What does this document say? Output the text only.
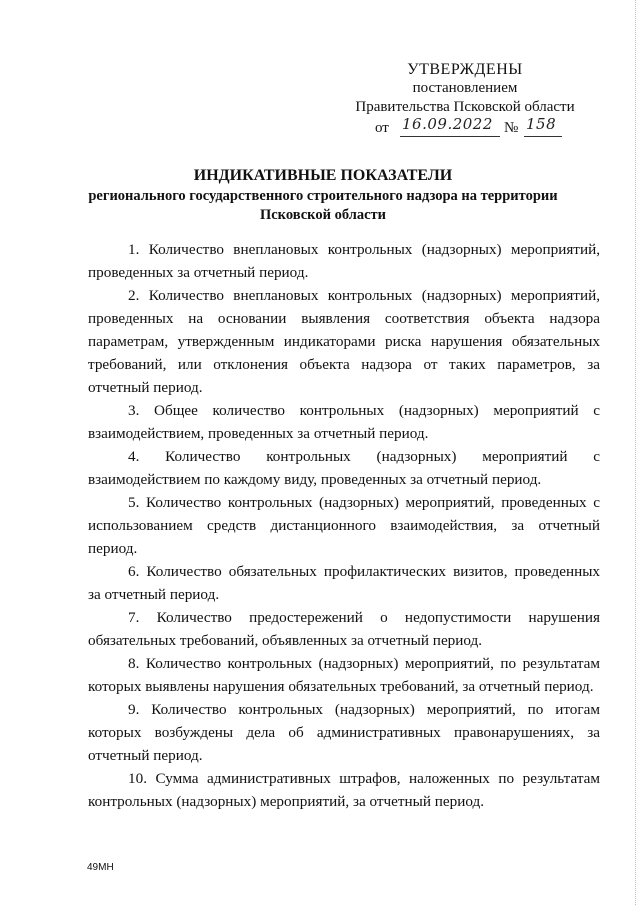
УТВЕРЖДЕНЫ
постановлением
Правительства Псковской области
от 16.09.2022 № 158
ИНДИКАТИВНЫЕ ПОКАЗАТЕЛИ
регионального государственного строительного надзора на территории
Псковской области

1. Количество внеплановых контрольных (надзорных) мероприятий, проведенных за отчетный период.

2. Количество внеплановых контрольных (надзорных) мероприятий, проведенных на основании выявления соответствия объекта надзора параметрам, утвержденным индикаторами риска нарушения обязательных требований, или отклонения объекта надзора от таких параметров, за отчетный период.

3. Общее количество контрольных (надзорных) мероприятий с взаимодействием, проведенных за отчетный период.

4. Количество контрольных (надзорных) мероприятий с взаимодействием по каждому виду, проведенных за отчетный период.

5. Количество контрольных (надзорных) мероприятий, проведенных с использованием средств дистанционного взаимодействия, за отчетный период.

6. Количество обязательных профилактических визитов, проведенных за отчетный период.

7. Количество предостережений о недопустимости нарушения обязательных требований, объявленных за отчетный период.

8. Количество контрольных (надзорных) мероприятий, по результатам которых выявлены нарушения обязательных требований, за отчетный период.

9. Количество контрольных (надзорных) мероприятий, по итогам которых возбуждены дела об административных правонарушениях, за отчетный период.

10. Сумма административных штрафов, наложенных по результатам контрольных (надзорных) мероприятий, за отчетный период.

49МН
